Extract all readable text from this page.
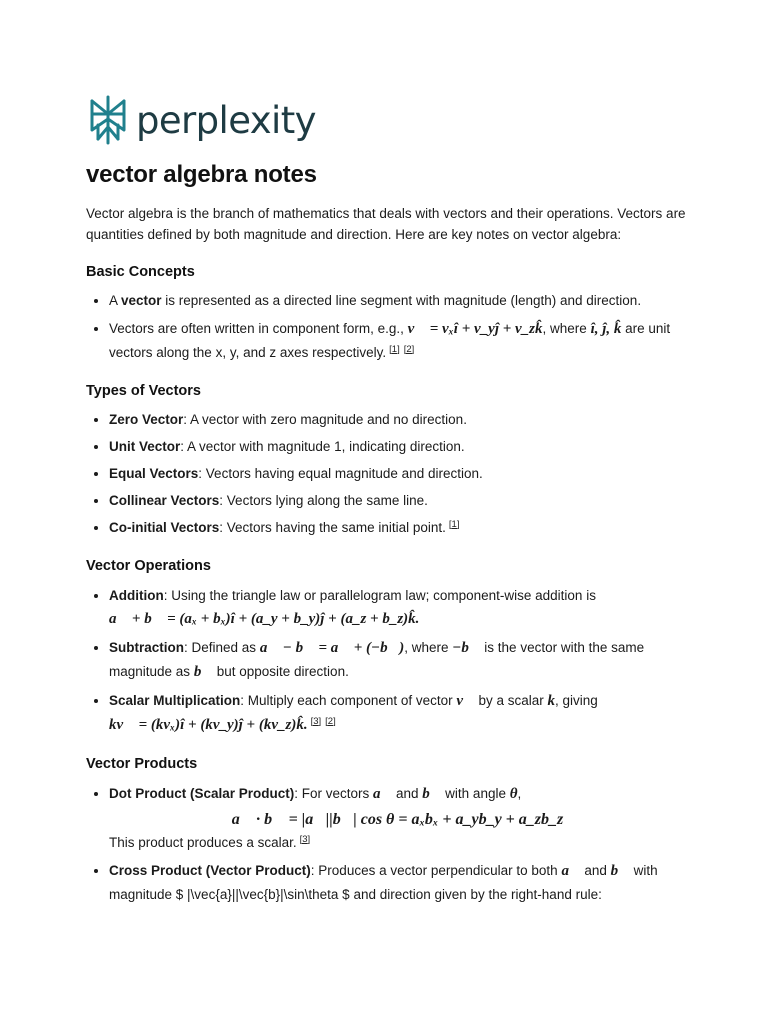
perplexity
vector algebra notes

Vector algebra is the branch of mathematics that deals with vectors and their operations. Vectors are quantities defined by both magnitude and direction. Here are key notes on vector algebra:

Basic Concepts
• A vector is represented as a directed line segment with magnitude (length) and direction.
• Vectors are often written in component form, e.g., v⃗ = vₓî + v_yĵ + v_zk̂, where î, ĵ, k̂ are unit vectors along the x, y, and z axes respectively. [1] [2]
Types of Vectors
• Zero Vector: A vector with zero magnitude and no direction.
• Unit Vector: A vector with magnitude 1, indicating direction.
• Equal Vectors: Vectors having equal magnitude and direction.
• Collinear Vectors: Vectors lying along the same line.
• Co-initial Vectors: Vectors having the same initial point. [1]
Vector Operations
• Addition: Using the triangle law or parallelogram law; component-wise addition is
a⃗ + b⃗ = (aₓ + bₓ)î + (a_y + b_y)ĵ + (a_z + b_z)k̂.
• Subtraction: Defined as a⃗ − b⃗ = a⃗ + (−b⃗), where −b⃗ is the vector with the same magnitude as b⃗ but opposite direction.
• Scalar Multiplication: Multiply each component of vector v⃗ by a scalar k, giving
kv⃗ = (kvₓ)î + (kv_y)ĵ + (kv_z)k̂. [3] [2]
Vector Products
• Dot Product (Scalar Product): For vectors a⃗ and b⃗ with angle θ,
a⃗ · b⃗ = |a⃗||b⃗| cos θ = aₓbₓ + a_yb_y + a_zb_z
This product produces a scalar. [3]
• Cross Product (Vector Product): Produces a vector perpendicular to both a⃗ and b⃗ with magnitude $ |\vec{a}||\vec{b}|\sin\theta $ and direction given by the right-hand rule:
